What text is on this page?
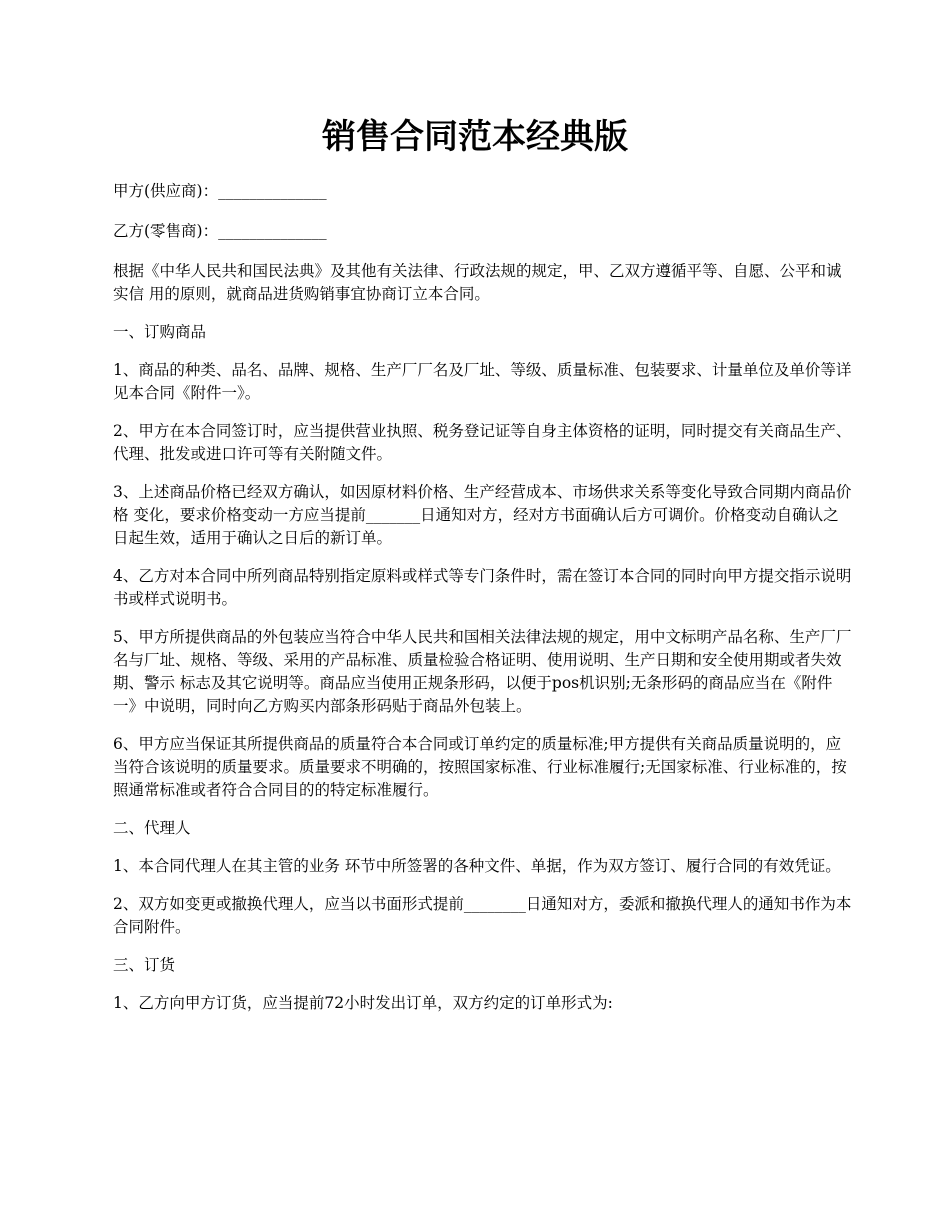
销售合同范本经典版

甲方(供应商)：______________

乙方(零售商)：______________

根据《中华人民共和国民法典》及其他有关法律、行政法规的规定，甲、乙双方遵循平等、自愿、公平和诚实信 用的原则，就商品进货购销事宜协商订立本合同。

一、订购商品

1、商品的种类、品名、品牌、规格、生产厂厂名及厂址、等级、质量标准、包装要求、计量单位及单价等详见本合同《附件一》。

2、甲方在本合同签订时，应当提供营业执照、税务登记证等自身主体资格的证明，同时提交有关商品生产、代理、批发或进口许可等有关附随文件。

3、上述商品价格已经双方确认，如因原材料价格、生产经营成本、市场供求关系等变化导致合同期内商品价格 变化，要求价格变动一方应当提前_______日通知对方，经对方书面确认后方可调价。价格变动自确认之日起生效，适用于确认之日后的新订单。

4、乙方对本合同中所列商品特别指定原料或样式等专门条件时，需在签订本合同的同时向甲方提交指示说明书或样式说明书。

5、甲方所提供商品的外包装应当符合中华人民共和国相关法律法规的规定，用中文标明产品名称、生产厂厂名与厂址、规格、等级、采用的产品标准、质量检验合格证明、使用说明、生产日期和安全使用期或者失效期、警示 标志及其它说明等。商品应当使用正规条形码，以便于pos机识别;无条形码的商品应当在《附件一》中说明，同时向乙方购买内部条形码贴于商品外包装上。

6、甲方应当保证其所提供商品的质量符合本合同或订单约定的质量标准;甲方提供有关商品质量说明的，应当符合该说明的质量要求。质量要求不明确的，按照国家标准、行业标准履行;无国家标准、行业标准的，按照通常标准或者符合合同目的的特定标准履行。

二、代理人

1、本合同代理人在其主管的业务 环节中所签署的各种文件、单据，作为双方签订、履行合同的有效凭证。

2、双方如变更或撤换代理人，应当以书面形式提前________日通知对方，委派和撤换代理人的通知书作为本合同附件。

三、订货

1、乙方向甲方订货，应当提前72小时发出订单，双方约定的订单形式为:
